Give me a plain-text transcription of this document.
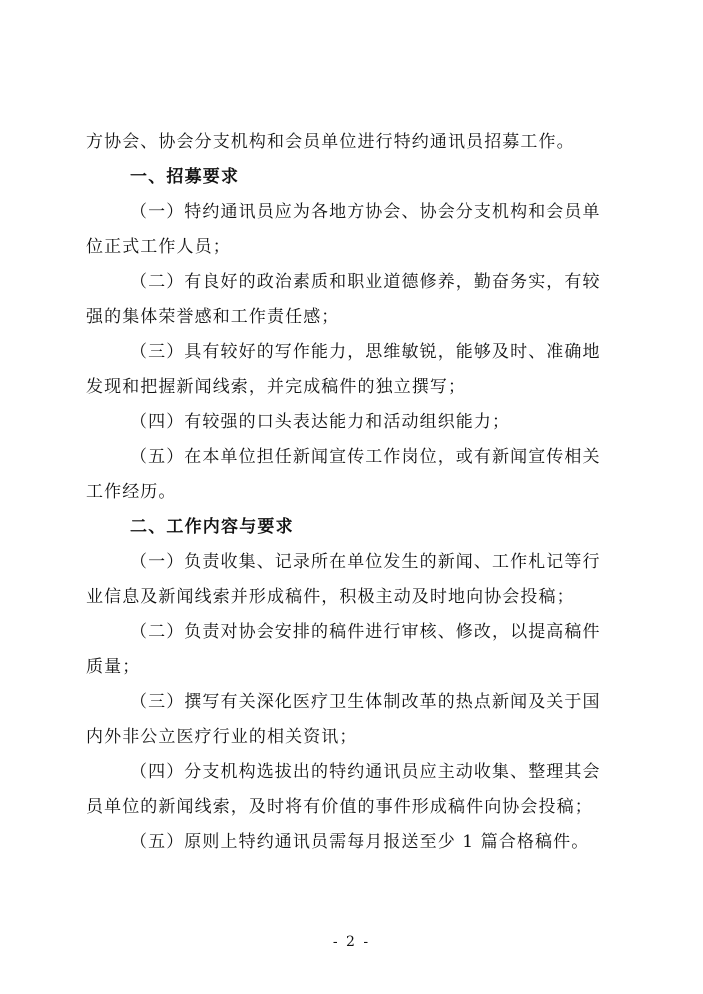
方协会、协会分支机构和会员单位进行特约通讯员招募工作。
一、招募要求
（一）特约通讯员应为各地方协会、协会分支机构和会员单
位正式工作人员；
（二）有良好的政治素质和职业道德修养，勤奋务实，有较
强的集体荣誉感和工作责任感；
（三）具有较好的写作能力，思维敏锐，能够及时、准确地
发现和把握新闻线索，并完成稿件的独立撰写；
（四）有较强的口头表达能力和活动组织能力；
（五）在本单位担任新闻宣传工作岗位，或有新闻宣传相关
工作经历。
二、工作内容与要求
（一）负责收集、记录所在单位发生的新闻、工作札记等行
业信息及新闻线索并形成稿件，积极主动及时地向协会投稿；
（二）负责对协会安排的稿件进行审核、修改，以提高稿件
质量；
（三）撰写有关深化医疗卫生体制改革的热点新闻及关于国
内外非公立医疗行业的相关资讯；
（四）分支机构选拔出的特约通讯员应主动收集、整理其会
员单位的新闻线索，及时将有价值的事件形成稿件向协会投稿；
（五）原则上特约通讯员需每月报送至少 1 篇合格稿件。
- 2 -
